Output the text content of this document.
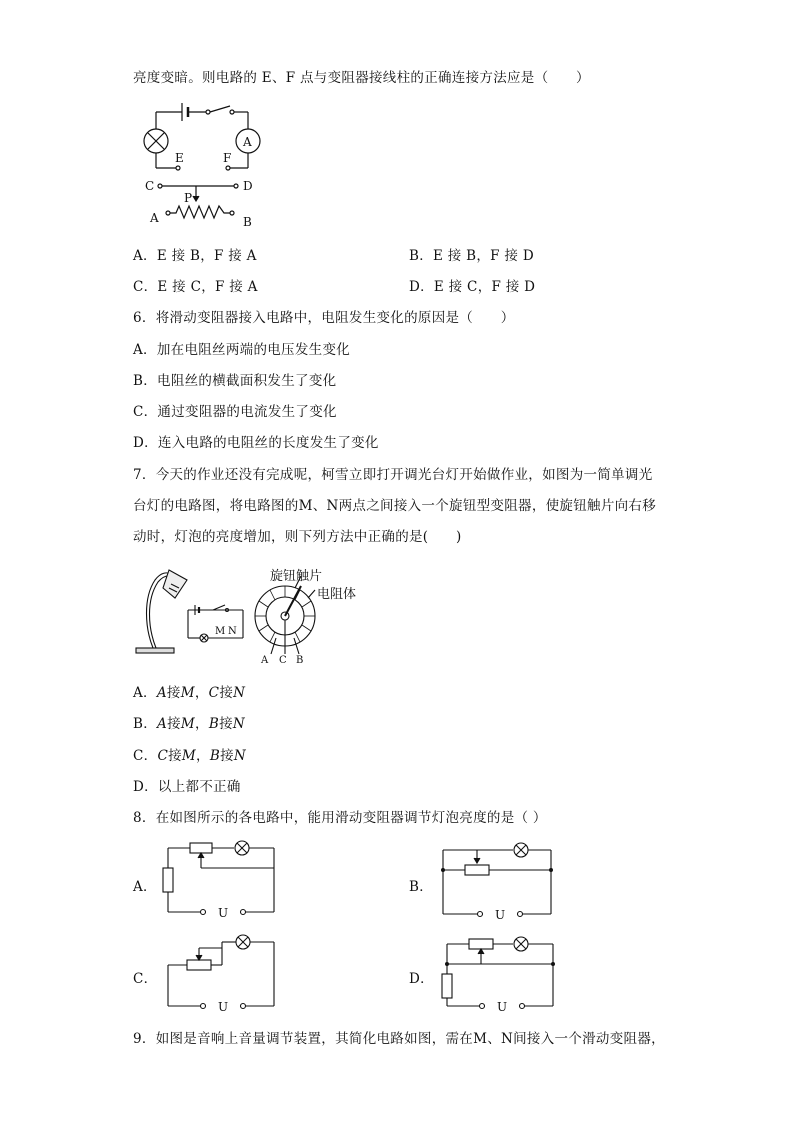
亮度变暗。则电路的 E、F 点与变阻器接线柱的正确连接方法应是（　　）
A
E	F
C	D
P
A	B
A．E 接 B，F 接 A	B．E 接 B，F 接 D
C．E 接 C，F 接 A	D．E 接 C，F 接 D
6．将滑动变阻器接入电路中，电阻发生变化的原因是（　　）
A．加在电阻丝两端的电压发生变化
B．电阻丝的横截面积发生了变化
C．通过变阻器的电流发生了变化
D．连入电路的电阻丝的长度发生了变化
7．今天的作业还没有完成呢，柯雪立即打开调光台灯开始做作业，如图为一简单调光
台灯的电路图，将电路图的M、N两点之间接入一个旋钮型变阻器，使旋钮触片向右移
动时，灯泡的亮度增加，则下列方法中正确的是(　　)
旋钮触片
电阻体
M N
A C B
A．A接M，C接N
B．A接M，B接N
C．C接M，B接N
D．以上都不正确
8．在如图所示的各电路中，能用滑动变阻器调节灯泡亮度的是（ ）
A．
U
B．
U
C．
U
D．
U
9．如图是音响上音量调节装置，其简化电路如图，需在M、N间接入一个滑动变阻器，
